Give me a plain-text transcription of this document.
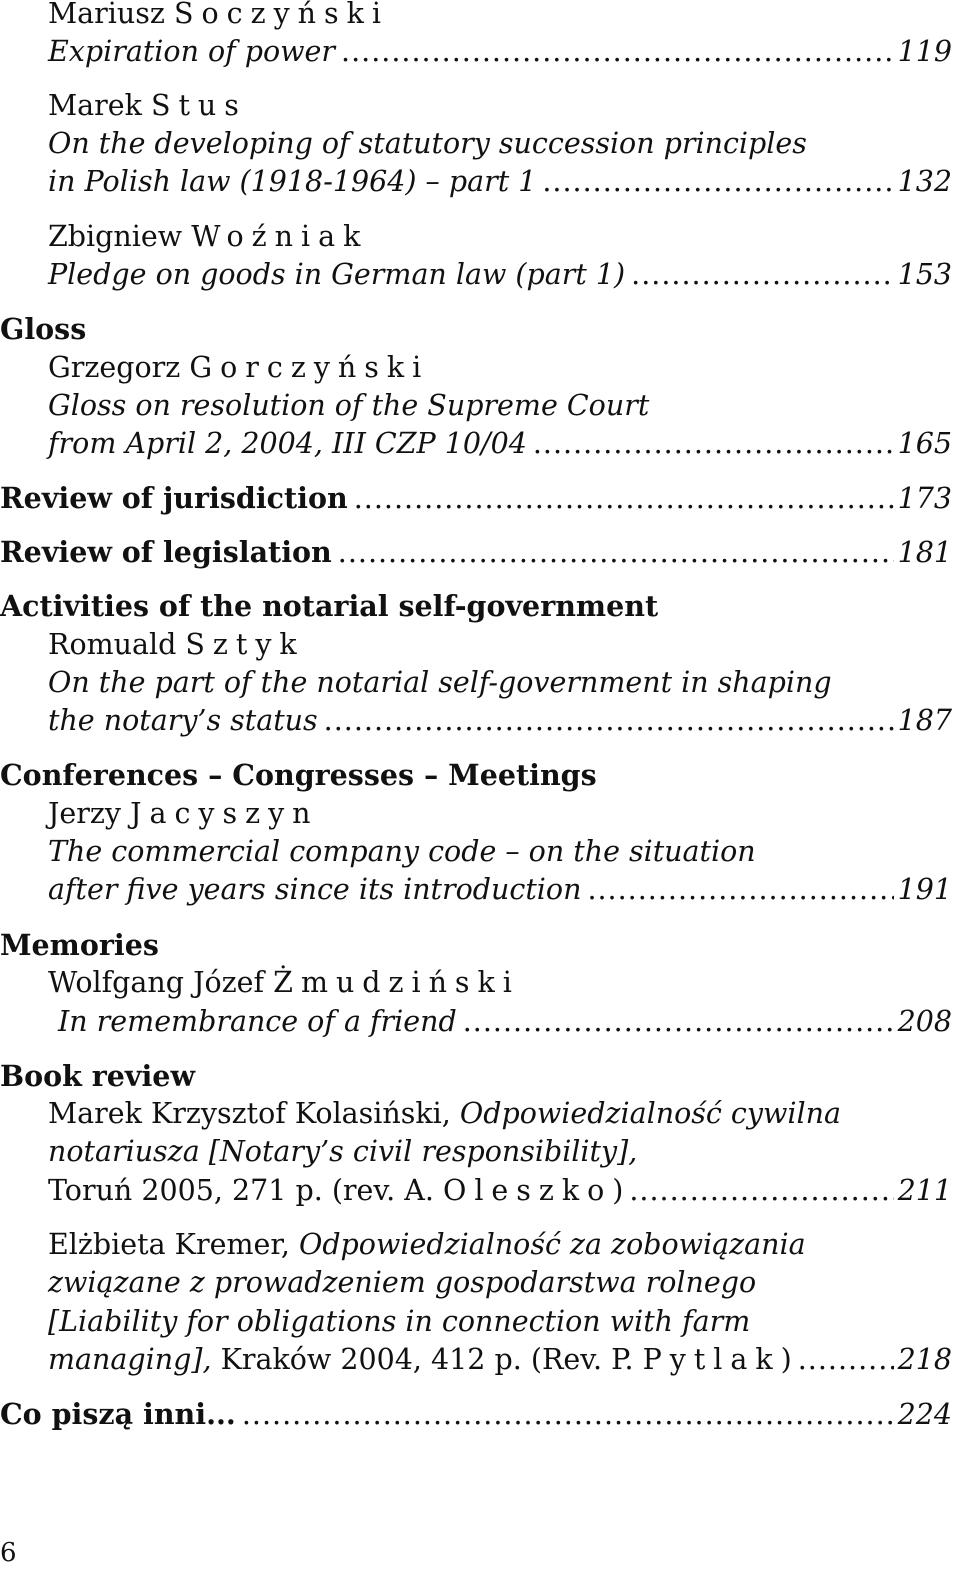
Mariusz Soczyński
Expiration of power .....	119
Marek Stus
On the developing of statutory succession principles
in Polish law (1918-1964) – part 1 .....	132
Zbigniew Woźniak
Pledge on goods in German law (part 1) .....	153
Gloss
Grzegorz Gorczyński
Gloss on resolution of the Supreme Court
from April 2, 2004, III CZP 10/04 .....	165
Review of jurisdiction .....	173
Review of legislation .....	181
Activities of the notarial self-government
Romuald Sztyk
On the part of the notarial self-government in shaping
the notary’s status .....	187
Conferences – Congresses – Meetings
Jerzy Jacyszyn
The commercial company code – on the situation
after five years since its introduction .....	191
Memories
Wolfgang Józef Żmudziński
In remembrance of a friend .....	208
Book review
Marek Krzysztof Kolasiński, Odpowiedzialność cywilna
notariusza [Notary’s civil responsibility],
Toruń 2005, 271 p. (rev. A. Oleszko) .....	211
Elżbieta Kremer, Odpowiedzialność za zobowiązania
związane z prowadzeniem gospodarstwa rolnego
[Liability for obligations in connection with farm
managing], Kraków 2004, 412 p. (Rev. P. Pytlak) .....	218
Co piszą inni... .....	224
6
